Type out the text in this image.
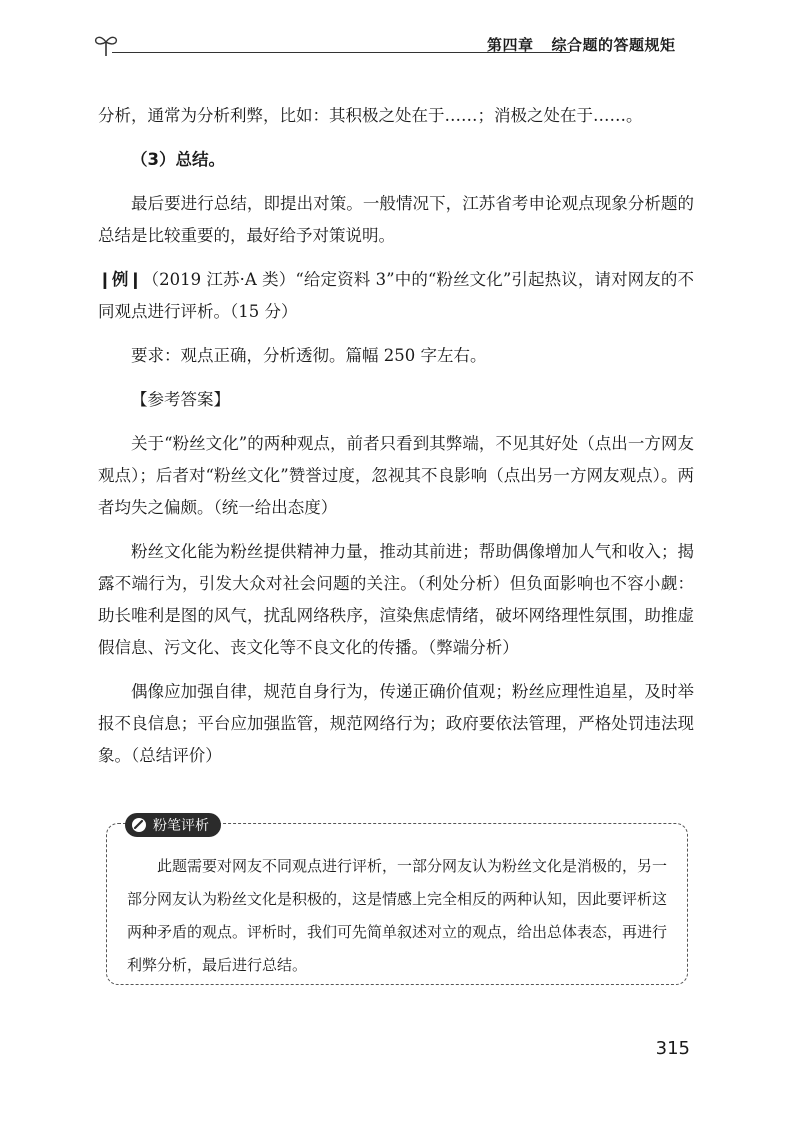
第四章 综合题的答题规矩

分析，通常为分析利弊，比如：其积极之处在于……；消极之处在于……。

（3）总结。

最后要进行总结，即提出对策。一般情况下，江苏省考申论观点现象分析题的总结是比较重要的，最好给予对策说明。

❙例❙（2019 江苏·A 类）“给定资料 3”中的“粉丝文化”引起热议，请对网友的不同观点进行评析。（15 分）

要求：观点正确，分析透彻。篇幅 250 字左右。

【参考答案】

关于“粉丝文化”的两种观点，前者只看到其弊端，不见其好处（点出一方网友观点）；后者对“粉丝文化”赞誉过度，忽视其不良影响（点出另一方网友观点）。两者均失之偏颇。（统一给出态度）

粉丝文化能为粉丝提供精神力量，推动其前进；帮助偶像增加人气和收入；揭露不端行为，引发大众对社会问题的关注。（利处分析）但负面影响也不容小觑：助长唯利是图的风气，扰乱网络秩序，渲染焦虑情绪，破坏网络理性氛围，助推虚假信息、污文化、丧文化等不良文化的传播。（弊端分析）

偶像应加强自律，规范自身行为，传递正确价值观；粉丝应理性追星，及时举报不良信息；平台应加强监管，规范网络行为；政府要依法管理，严格处罚违法现象。（总结评价）

粉笔评析

此题需要对网友不同观点进行评析，一部分网友认为粉丝文化是消极的，另一部分网友认为粉丝文化是积极的，这是情感上完全相反的两种认知，因此要评析这两种矛盾的观点。评析时，我们可先简单叙述对立的观点，给出总体表态，再进行利弊分析，最后进行总结。

315
